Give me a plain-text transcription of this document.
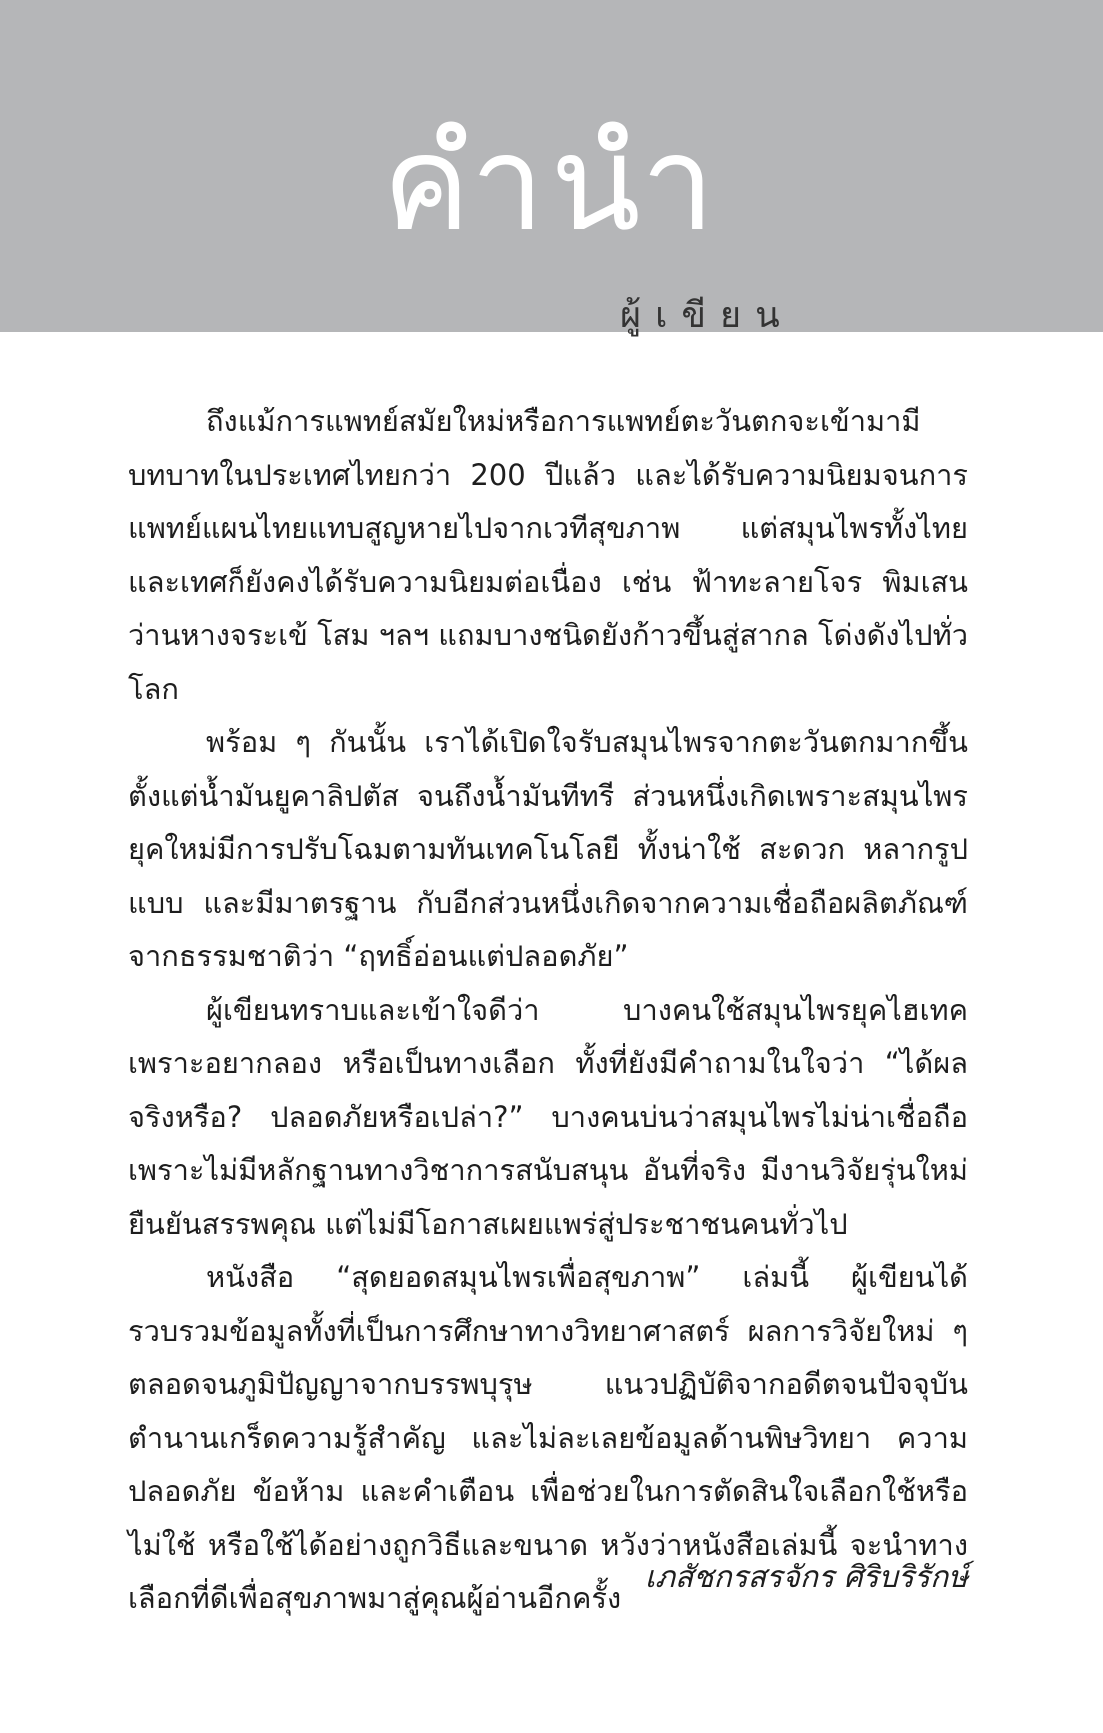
คำนำ
ผู้เขียน

ถึงแม้การแพทย์สมัยใหม่หรือการแพทย์ตะวันตกจะเข้ามามีบทบาทในประเทศไทยกว่า 200 ปีแล้ว และได้รับความนิยมจนการแพทย์แผนไทยแทบสูญหายไปจากเวทีสุขภาพ แต่สมุนไพรทั้งไทยและเทศก็ยังคงได้รับความนิยมต่อเนื่อง เช่น ฟ้าทะลายโจร พิมเสน ว่านหางจระเข้ โสม ฯลฯ แถมบางชนิดยังก้าวขึ้นสู่สากล โด่งดังไปทั่วโลก

พร้อม ๆ กันนั้น เราได้เปิดใจรับสมุนไพรจากตะวันตกมากขึ้น ตั้งแต่น้ำมันยูคาลิปตัส จนถึงน้ำมันทีทรี ส่วนหนึ่งเกิดเพราะสมุนไพรยุคใหม่มีการปรับโฉมตามทันเทคโนโลยี ทั้งน่าใช้ สะดวก หลากรูปแบบ และมีมาตรฐาน กับอีกส่วนหนึ่งเกิดจากความเชื่อถือผลิตภัณฑ์จากธรรมชาติว่า “ฤทธิ์อ่อนแต่ปลอดภัย”

ผู้เขียนทราบและเข้าใจดีว่า บางคนใช้สมุนไพรยุคไฮเทคเพราะอยากลอง หรือเป็นทางเลือก ทั้งที่ยังมีคำถามในใจว่า “ได้ผลจริงหรือ? ปลอดภัยหรือเปล่า?” บางคนบ่นว่าสมุนไพรไม่น่าเชื่อถือ เพราะไม่มีหลักฐานทางวิชาการสนับสนุน อันที่จริง มีงานวิจัยรุ่นใหม่ยืนยันสรรพคุณ แต่ไม่มีโอกาสเผยแพร่สู่ประชาชนคนทั่วไป

หนังสือ “สุดยอดสมุนไพรเพื่อสุขภาพ” เล่มนี้ ผู้เขียนได้รวบรวมข้อมูลทั้งที่เป็นการศึกษาทางวิทยาศาสตร์ ผลการวิจัยใหม่ ๆ ตลอดจนภูมิปัญญาจากบรรพบุรุษ แนวปฏิบัติจากอดีตจนปัจจุบัน ตำนานเกร็ดความรู้สำคัญ และไม่ละเลยข้อมูลด้านพิษวิทยา ความปลอดภัย ข้อห้าม และคำเตือน เพื่อช่วยในการตัดสินใจเลือกใช้หรือไม่ใช้ หรือใช้ได้อย่างถูกวิธีและขนาด หวังว่าหนังสือเล่มนี้ จะนำทางเลือกที่ดีเพื่อสุขภาพมาสู่คุณผู้อ่านอีกครั้ง

เภสัชกรสรจักร ศิริบริรักษ์
